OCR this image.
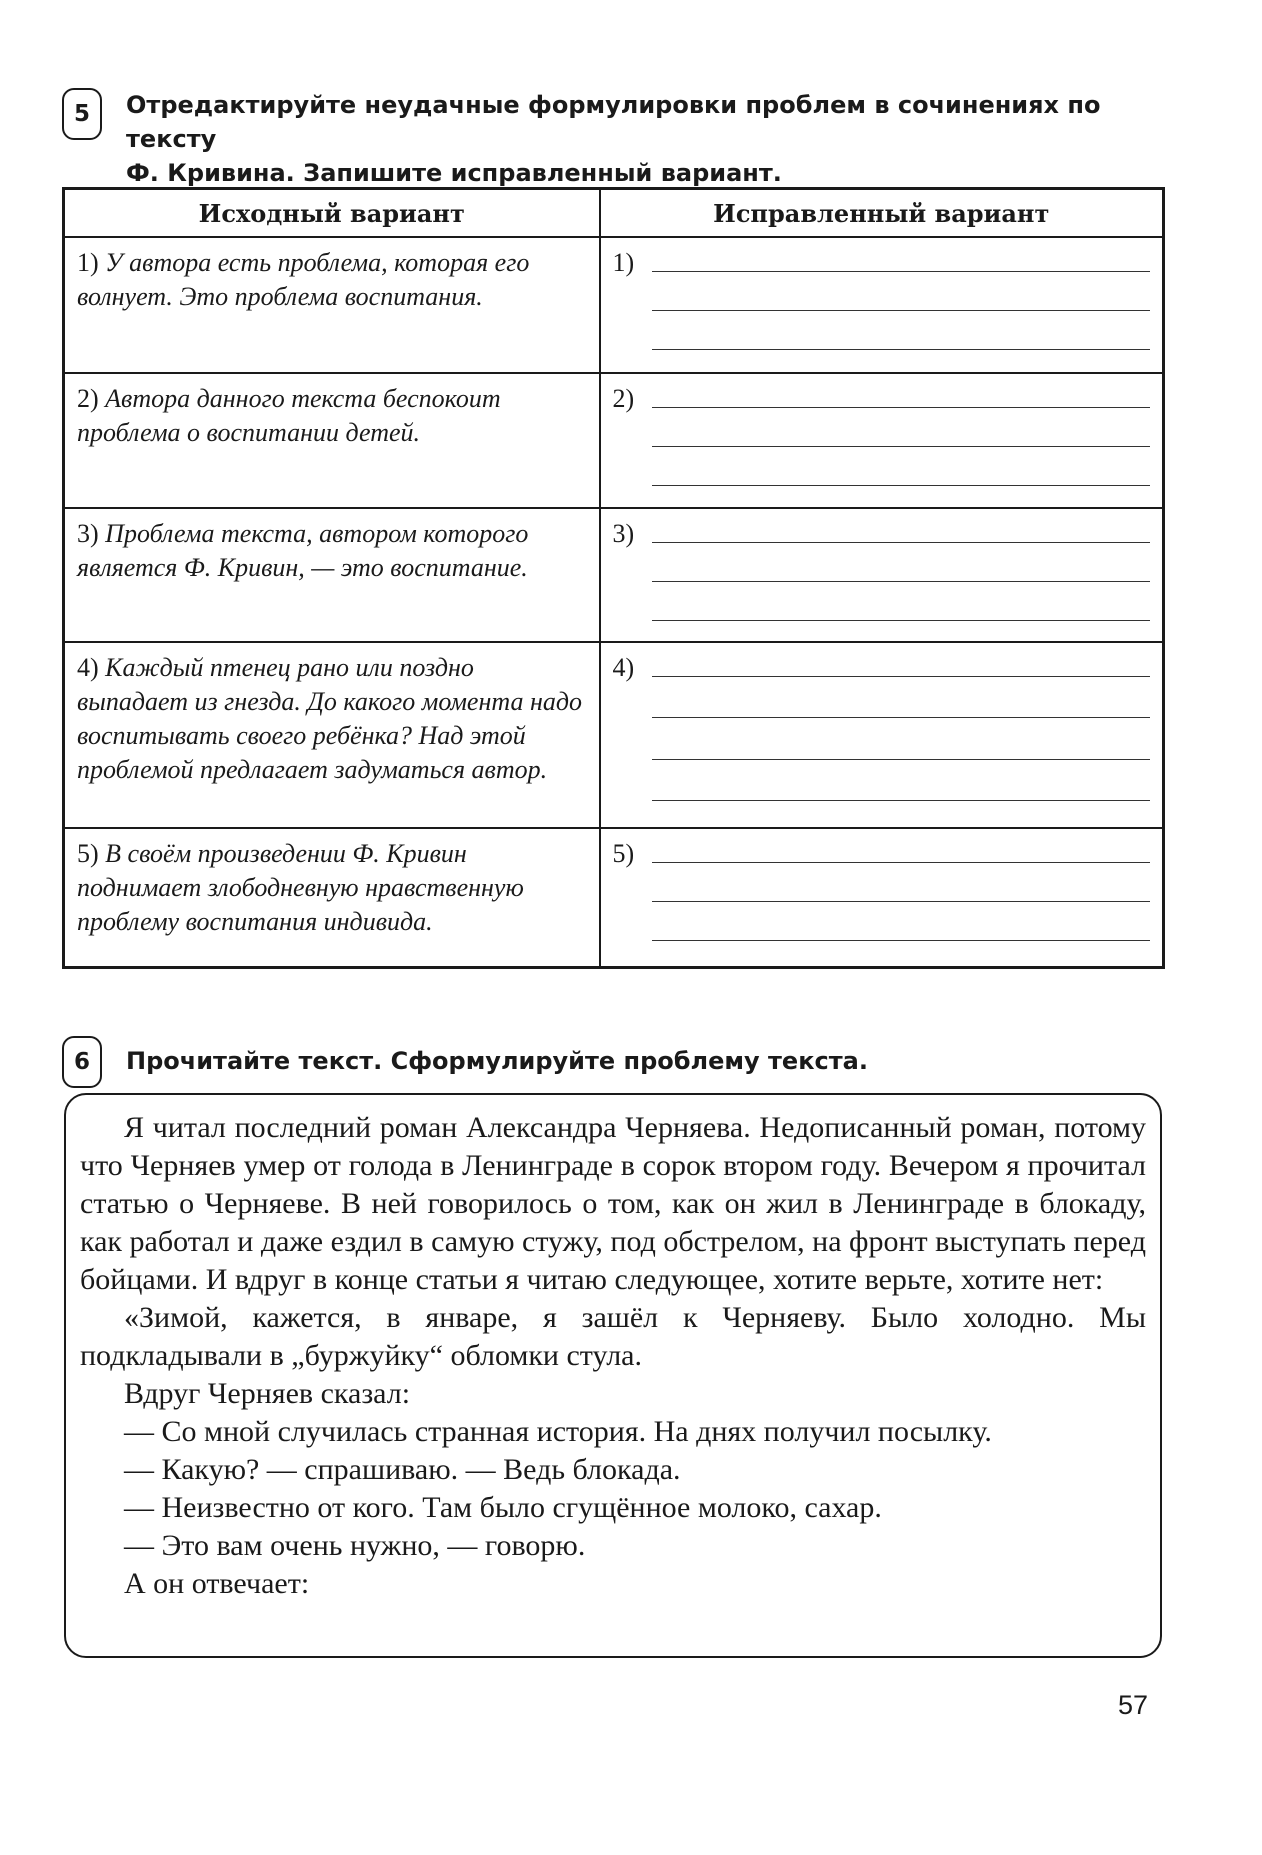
5	Отредактируйте неудачные формулировки проблем в сочинениях по тексту
Ф. Кривина. Запишите исправленный вариант.
Исходный вариант	Исправленный вариант
1) У автора есть проблема, которая его волнует. Это проблема воспитания.	1)

2) Автора данного текста беспокоит проблема о воспитании детей.	2)

3) Проблема текста, автором которого является Ф. Кривин, — это воспитание.	3)

4) Каждый птенец рано или поздно выпадает из гнезда. До какого момента надо воспитывать своего ребёнка? Над этой проблемой предлагает задуматься автор.	4)

5) В своём произведении Ф. Кривин поднимает злободневную нравственную проблему воспитания индивида.	5)
6	Прочитайте текст. Сформулируйте проблему текста.

Я читал последний роман Александра Черняева. Недописанный роман, потому что Черняев умер от голода в Ленинграде в сорок втором году. Вечером я прочитал статью о Черняеве. В ней говорилось о том, как он жил в Ленинграде в блокаду, как работал и даже ездил в самую стужу, под обстрелом, на фронт выступать перед бойцами. И вдруг в конце статьи я читаю следующее, хотите верьте, хотите нет:

«Зимой, кажется, в январе, я зашёл к Черняеву. Было холодно. Мы подкладывали в „буржуйку“ обломки стула.

Вдруг Черняев сказал:

— Со мной случилась странная история. На днях получил посылку.

— Какую? — спрашиваю. — Ведь блокада.

— Неизвестно от кого. Там было сгущённое молоко, сахар.

— Это вам очень нужно, — говорю.

А он отвечает:

57
